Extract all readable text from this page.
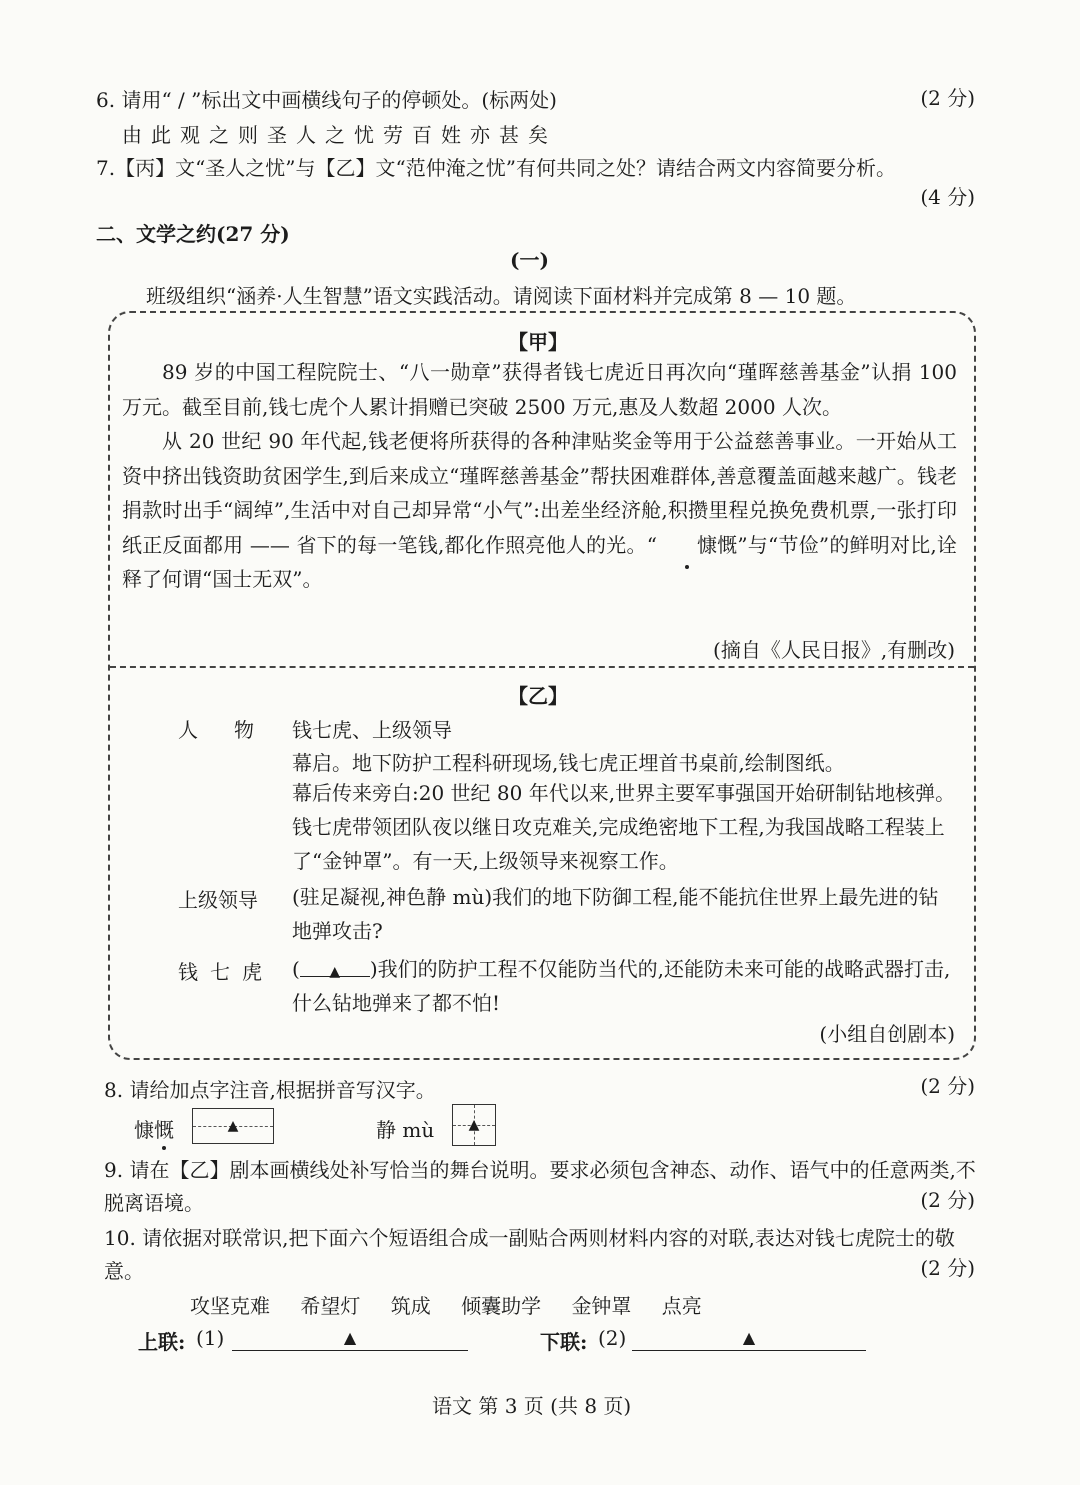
6. 请用“ / ”标出文中画横线句子的停顿处。(标两处)	(2 分)
由此观之则圣人之忧劳百姓亦甚矣
7.【丙】文“圣人之忧”与【乙】文“范仲淹之忧”有何共同之处？请结合两文内容简要分析。
(4 分)
二、文学之约(27 分)
(一)
班级组织“涵养·人生智慧”语文实践活动。请阅读下面材料并完成第 8 — 10 题。
【甲】

89 岁的中国工程院院士、“八一勋章”获得者钱七虎近日再次向“瑾晖慈善基金”认捐 100 万元。截至目前,钱七虎个人累计捐赠已突破 2500 万元,惠及人数超 2000 人次。

从 20 世纪 90 年代起,钱老便将所获得的各种津贴奖金等用于公益慈善事业。一开始从工资中挤出钱资助贫困学生,到后来成立“瑾晖慈善基金”帮扶困难群体,善意覆盖面越来越广。钱老捐款时出手“阔绰”,生活中对自己却异常“小气”:出差坐经济舱,积攒里程兑换免费机票,一张打印纸正反面都用 —— 省下的每一笔钱,都化作照亮他人的光。“ 慷慨”与“节俭”的鲜明对比,诠释了何谓“国士无双”。

(摘自《人民日报》,有删改)
【乙】
人　物 钱七虎、上级领导
幕启。地下防护工程科研现场,钱七虎正埋首书桌前,绘制图纸。
幕后传来旁白:20 世纪 80 年代以来,世界主要军事强国开始研制钻地核弹。钱七虎带领团队夜以继日攻克难关,完成绝密地下工程,为我国战略工程装上了“金钟罩”。有一天,上级领导来视察工作。
上级领导 (驻足凝视,神色静 mù)我们的地下防御工程,能不能抗住世界上最先进的钻地弹攻击?
钱七虎 ( ▲ )我们的防护工程不仅能防当代的,还能防未来可能的战略武器打击,什么钻地弹来了都不怕!
(小组自创剧本)
8. 请给加点字注音,根据拼音写汉字。	(2 分)
慷慨	▲	静 mù	▲
9. 请在【乙】剧本画横线处补写恰当的舞台说明。要求必须包含神态、动作、语气中的任意两类,不脱离语境。	(2 分)
10. 请依据对联常识,把下面六个短语组合成一副贴合两则材料内容的对联,表达对钱七虎院士的敬意。	(2 分)
攻坚克难 希望灯 筑成 倾囊助学 金钟罩 点亮
上联: (1)	▲	下联: (2)	▲
语文 第 3 页 (共 8 页)
